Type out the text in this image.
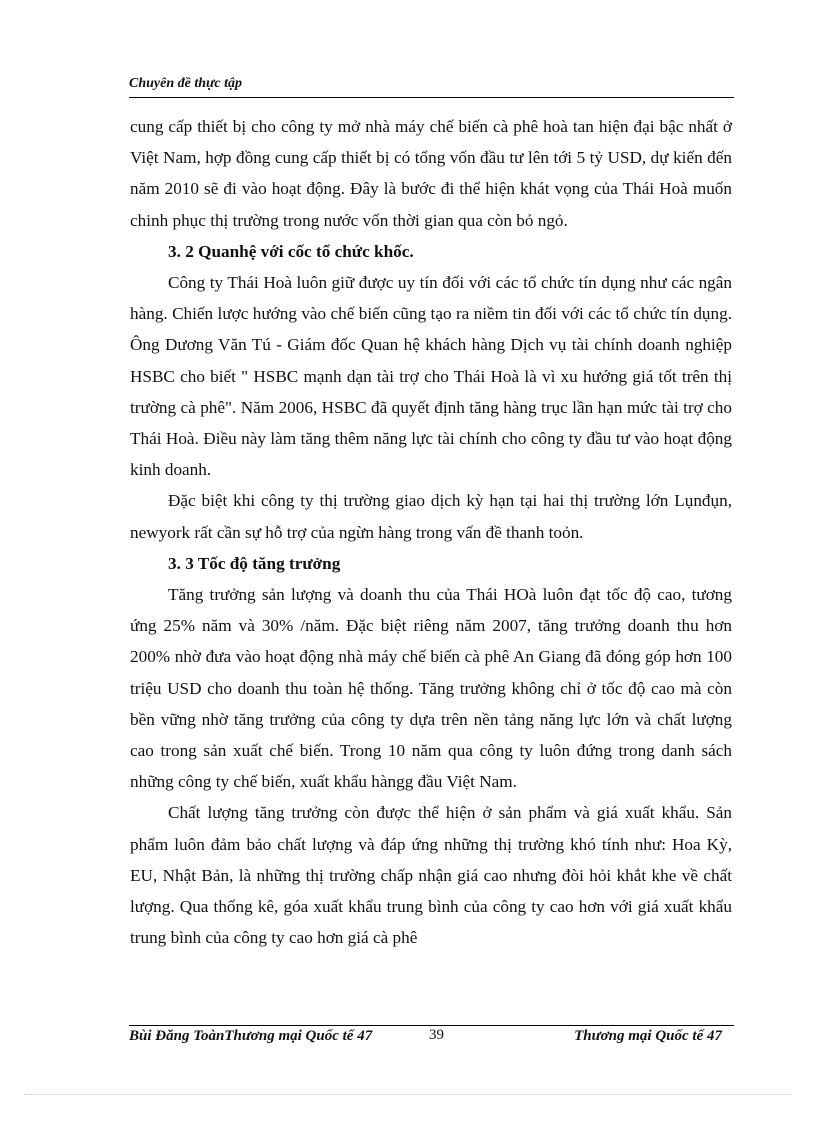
Chuyên đề thực tập

cung cấp thiết bị cho công ty mở nhà máy chế biến cà phê hoà tan hiện đại bậc nhất ở Việt Nam, hợp đồng cung cấp thiết bị có tổng vốn đầu tư lên tới 5 tỷ USD, dự kiến đến năm 2010 sẽ đi vào hoạt động. Đây là bước đi thể hiện khát vọng của Thái Hoà muốn chinh phục thị trường trong nước vốn thời gian qua còn bỏ ngỏ.

3. 2 Quanhệ với cốc tổ chức khốc.

Công ty Thái Hoà luôn giữ được uy tín đối với các tổ chức tín dụng như các ngân hàng. Chiến lược hướng vào chế biến cũng tạo ra niềm tin đối với các tổ chức tín dụng. Ông Dương Văn Tú - Giám đốc Quan hệ khách hàng Dịch vụ tài chính doanh nghiệp HSBC cho biết " HSBC mạnh dạn tài trợ cho Thái Hoà là vì xu hướng giá tốt trên thị trường cà phê". Năm 2006, HSBC đã quyết định tăng hàng trục lần hạn mức tài trợ cho Thái Hoà. Điều này làm tăng thêm năng lực tài chính cho công ty đầu tư vào hoạt động kinh doanh.

Đặc biệt khi công ty thị trường giao dịch kỳ hạn tại hai thị trường lớn Lụnđụn, newyork rất cần sự hỗ trợ của ngừn hàng trong vấn đề thanh toỏn.

3. 3 Tốc độ tăng trưởng

Tăng trưởng sản lượng và doanh thu của Thái HOà luôn đạt tốc độ cao, tương ứng 25% năm và 30% /năm. Đặc biệt riêng năm 2007, tăng trưởng doanh thu hơn 200% nhờ đưa vào hoạt động nhà máy chế biến cà phê An Giang đã đóng góp hơn 100 triệu USD cho doanh thu toàn hệ thống. Tăng trưởng không chỉ ở tốc độ cao mà còn bền vững nhờ tăng trưởng của công ty dựa trên nền tảng năng lực lớn và chất lượng cao trong sản xuất chế biến. Trong 10 năm qua công ty luôn đứng trong danh sách những công ty chế biến, xuất khẩu hàngg đầu Việt Nam.

Chất lượng tăng trưởng còn được thể hiện ở sản phẩm và giá xuất khẩu. Sản phẩm luôn đảm bảo chất lượng và đáp ứng những thị trường khó tính như: Hoa Kỳ, EU, Nhật Bản, là những thị trường chấp nhận giá cao nhưng đòi hỏi khắt khe về chất lượng. Qua thống kê, góa xuất khẩu trung bình của công ty cao hơn với giá xuất khẩu trung bình của công ty cao hơn giá cà phê

Bùi Đăng ToànThương mại Quốc tế 47	39	Thương mại Quốc tế 47
